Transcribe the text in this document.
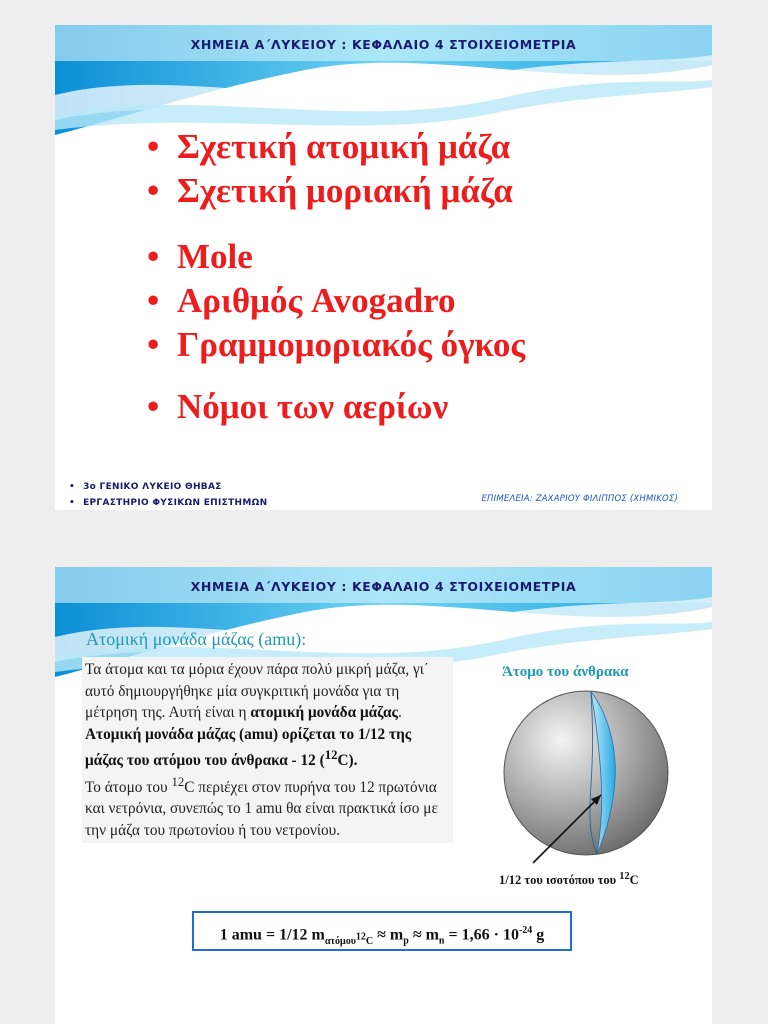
ΧΗΜΕΙΑ Α΄ΛΥΚΕΙΟΥ : ΚΕΦΑΛΑΙΟ 4 ΣΤΟΙΧΕΙΟΜΕΤΡΙΑ
• Σχετική ατομική μάζα
• Σχετική μοριακή μάζα
• Mole
• Αριθμός Avogadro
• Γραμμομοριακός όγκος
• Νόμοι των αερίων
• 3ο ΓΕΝΙΚΟ ΛΥΚΕΙΟ ΘΗΒΑΣ
• ΕΡΓΑΣΤΗΡΙΟ ΦΥΣΙΚΩΝ ΕΠΙΣΤΗΜΩΝ	ΕΠΙΜΕΛΕΙΑ: ΖΑΧΑΡΙΟΥ ΦΙΛΙΠΠΟΣ (ΧΗΜΙΚΟΣ)
ΧΗΜΕΙΑ Α΄ΛΥΚΕΙΟΥ : ΚΕΦΑΛΑΙΟ 4 ΣΤΟΙΧΕΙΟΜΕΤΡΙΑ
Ατομική μονάδα μάζας (amu):

Τα άτομα και τα μόρια έχουν πάρα πολύ μικρή μάζα, γι΄ αυτό δημιουργήθηκε μία συγκριτική μονάδα για τη μέτρηση της. Αυτή είναι η ατομική μονάδα μάζας. Ατομική μονάδα μάζας (amu) ορίζεται το 1/12 της μάζας του ατόμου του άνθρακα - 12 ($^{12}$C).
Το άτομο του $^{12}$C περιέχει στον πυρήνα του 12 πρωτόνια και νετρόνια, συνεπώς το 1 amu θα είναι πρακτικά ίσο με την μάζα του πρωτονίου ή του νετρονίου.

Άτομο του άνθρακα
1/12 του ισοτόπου του $^{12}$C
1 amu = 1/12 $m_{\alpha\tau ό\mu o\upsilon^{12}C} \approx m_p \approx m_n = 1,66 \cdot 10^{-24}$ g
